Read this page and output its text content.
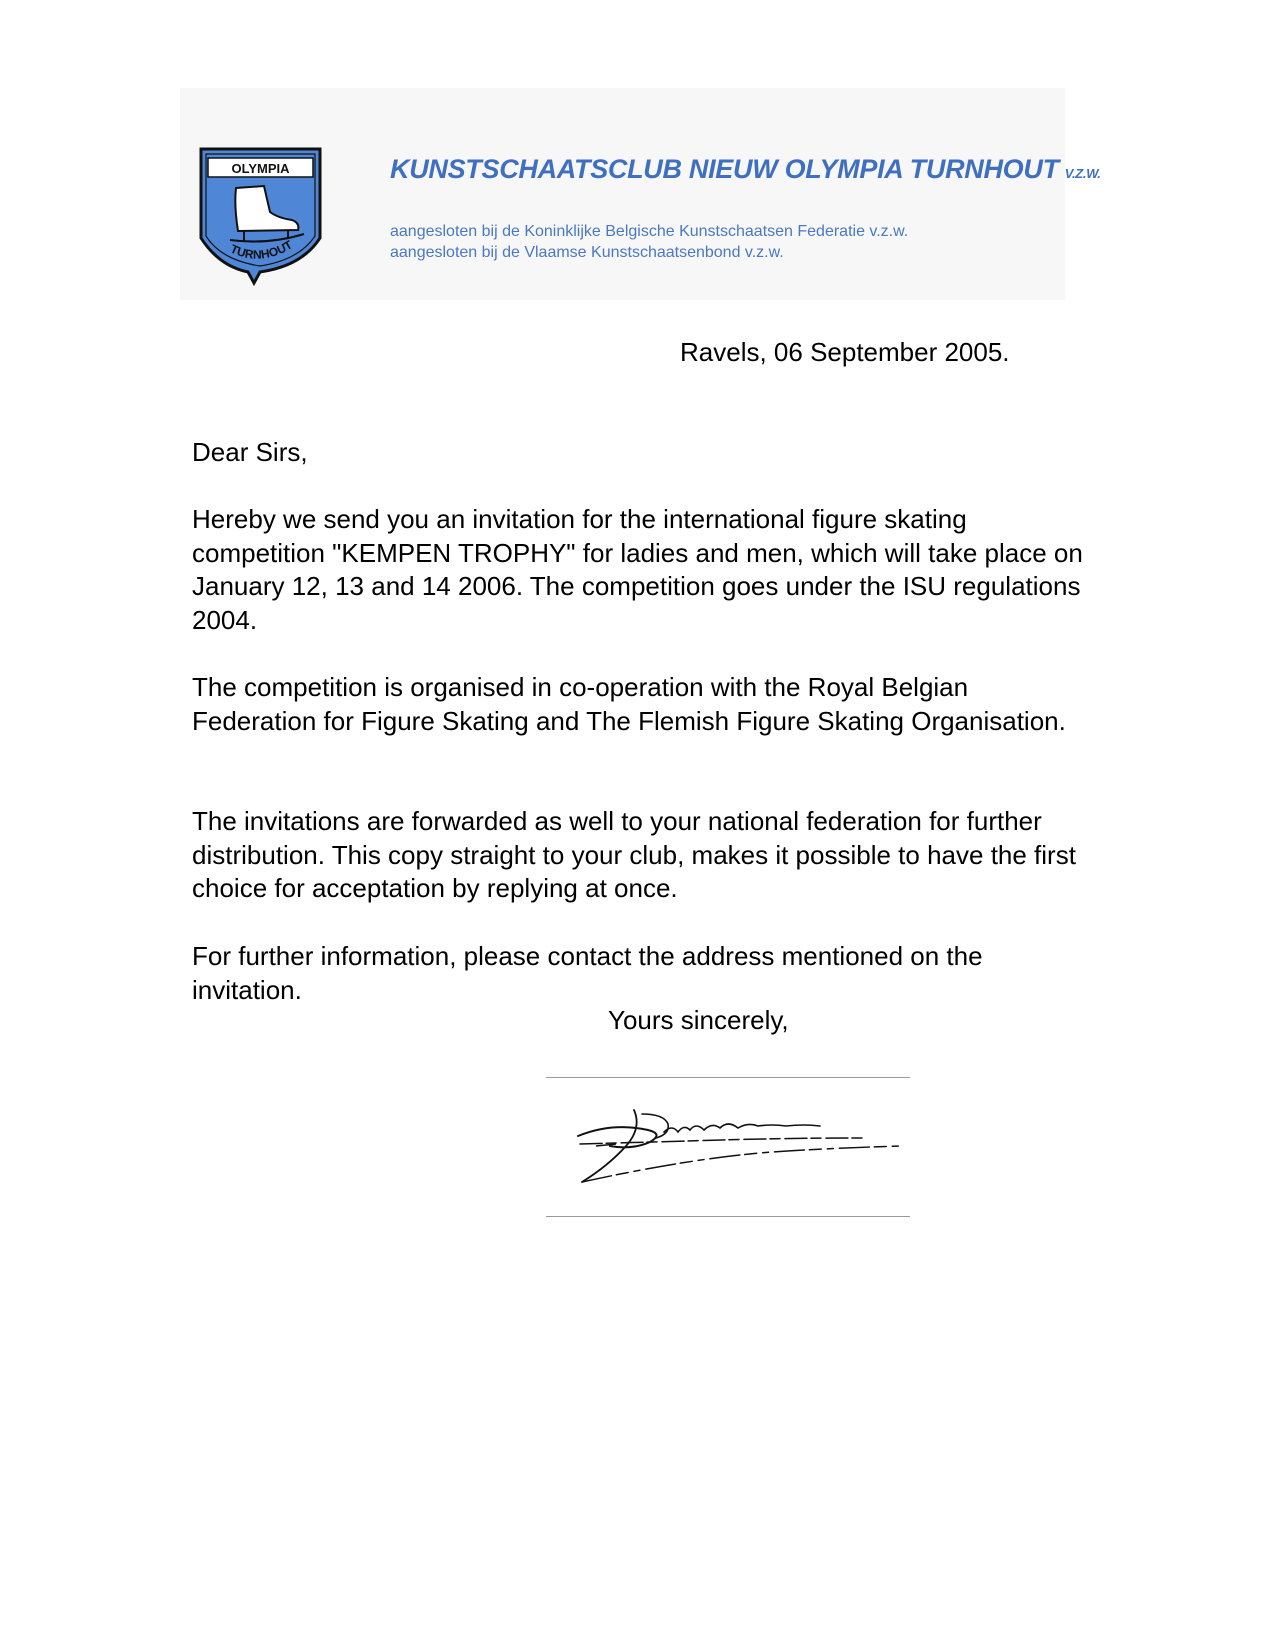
OLYMPIA
TURNHOUT
KUNSTSCHAATSCLUB NIEUW OLYMPIA TURNHOUT V.Z.W.
aangesloten bij de Koninklijke Belgische Kunstschaatsen Federatie v.z.w.
aangesloten bij de Vlaamse Kunstschaatsenbond v.z.w.
Ravels, 06 September 2005.
Dear Sirs,
Hereby we send you an invitation for the international figure skating competition "KEMPEN TROPHY" for ladies and men, which will take place on January 12, 13 and 14 2006. The competition goes under the ISU regulations 2004.
The competition is organised in co-operation with the Royal Belgian Federation for Figure Skating and The Flemish Figure Skating Organisation.
The invitations are forwarded as well to your national federation for further distribution. This copy straight to your club, makes it possible to have the first choice for acceptation by replying at once.
For further information, please contact the address mentioned on the invitation.
Yours sincerely,
